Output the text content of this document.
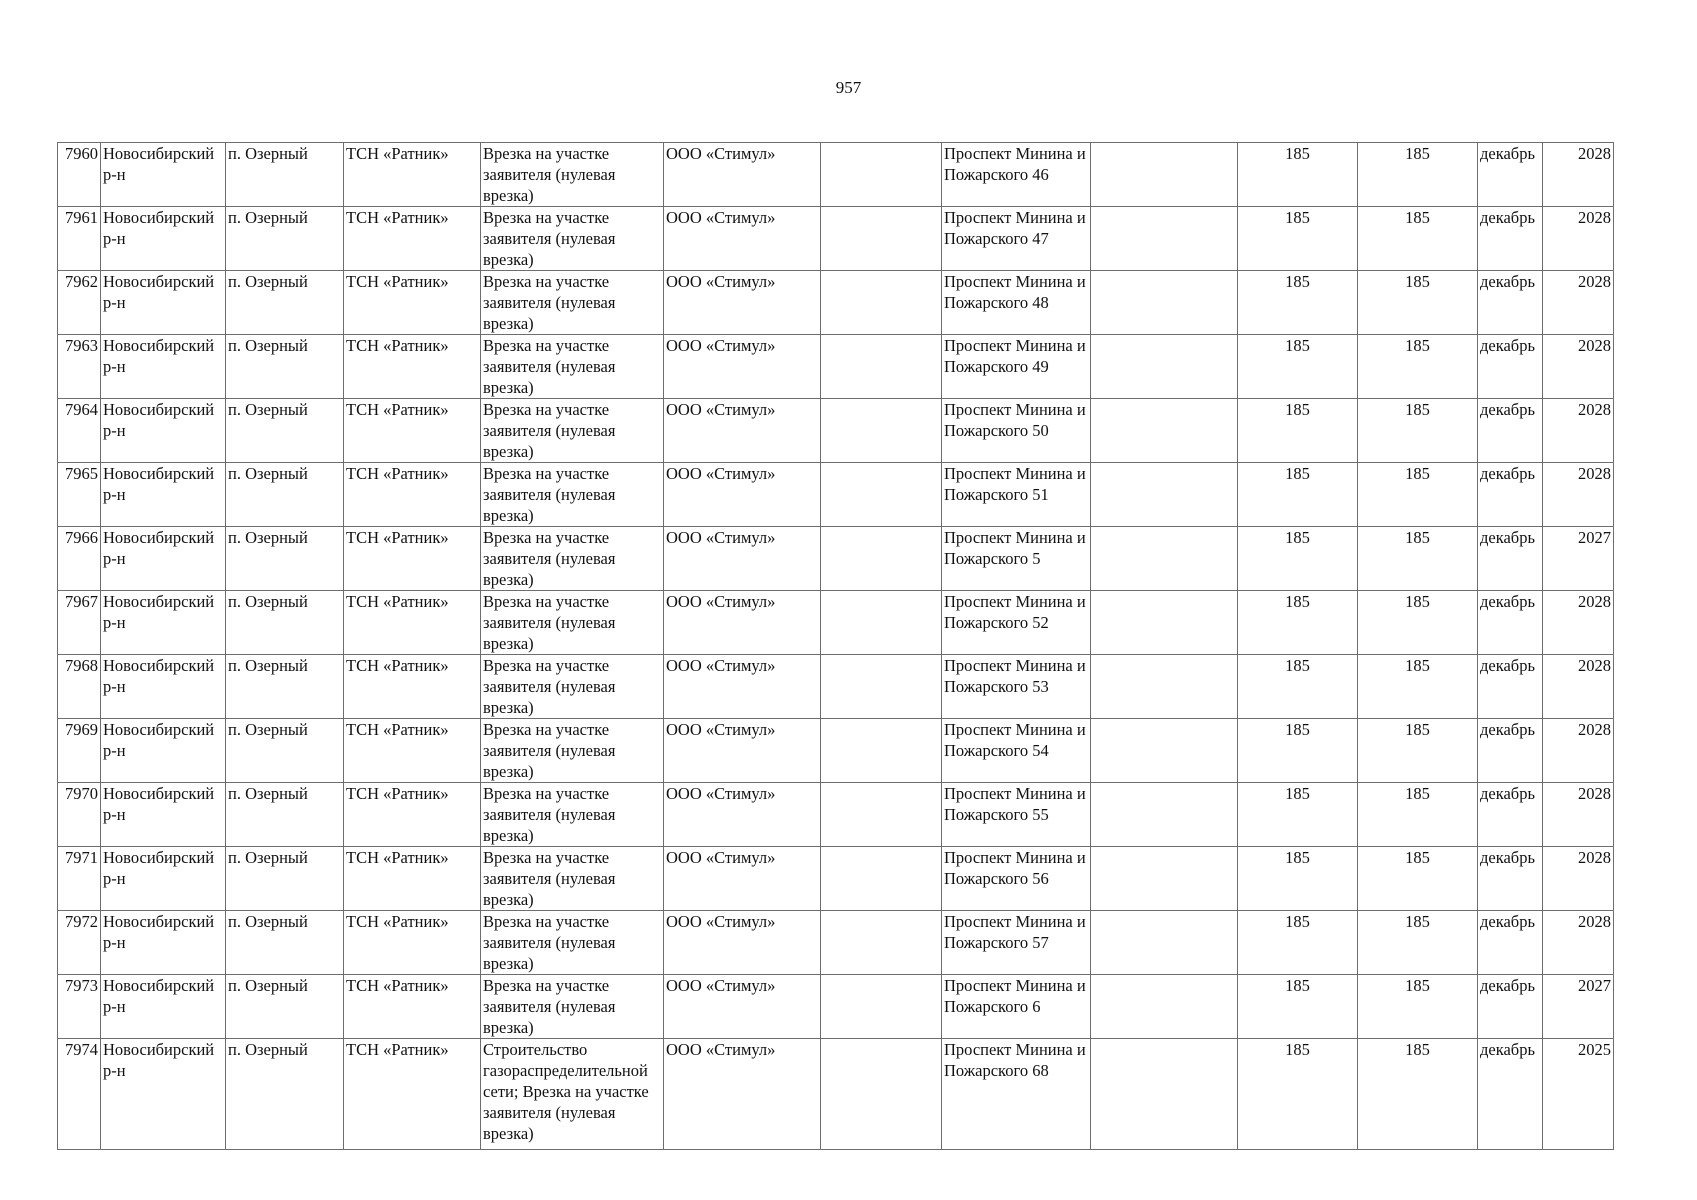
957
7960	Новосибирский р-н	п. Озерный	ТСН «Ратник»	Врезка на участке заявителя (нулевая врезка)	ООО «Стимул»		Проспект Минина и Пожарского 46		185	185	декабрь	2028
7961	Новосибирский р-н	п. Озерный	ТСН «Ратник»	Врезка на участке заявителя (нулевая врезка)	ООО «Стимул»		Проспект Минина и Пожарского 47		185	185	декабрь	2028
7962	Новосибирский р-н	п. Озерный	ТСН «Ратник»	Врезка на участке заявителя (нулевая врезка)	ООО «Стимул»		Проспект Минина и Пожарского 48		185	185	декабрь	2028
7963	Новосибирский р-н	п. Озерный	ТСН «Ратник»	Врезка на участке заявителя (нулевая врезка)	ООО «Стимул»		Проспект Минина и Пожарского 49		185	185	декабрь	2028
7964	Новосибирский р-н	п. Озерный	ТСН «Ратник»	Врезка на участке заявителя (нулевая врезка)	ООО «Стимул»		Проспект Минина и Пожарского 50		185	185	декабрь	2028
7965	Новосибирский р-н	п. Озерный	ТСН «Ратник»	Врезка на участке заявителя (нулевая врезка)	ООО «Стимул»		Проспект Минина и Пожарского 51		185	185	декабрь	2028
7966	Новосибирский р-н	п. Озерный	ТСН «Ратник»	Врезка на участке заявителя (нулевая врезка)	ООО «Стимул»		Проспект Минина и Пожарского 5		185	185	декабрь	2027
7967	Новосибирский р-н	п. Озерный	ТСН «Ратник»	Врезка на участке заявителя (нулевая врезка)	ООО «Стимул»		Проспект Минина и Пожарского 52		185	185	декабрь	2028
7968	Новосибирский р-н	п. Озерный	ТСН «Ратник»	Врезка на участке заявителя (нулевая врезка)	ООО «Стимул»		Проспект Минина и Пожарского 53		185	185	декабрь	2028
7969	Новосибирский р-н	п. Озерный	ТСН «Ратник»	Врезка на участке заявителя (нулевая врезка)	ООО «Стимул»		Проспект Минина и Пожарского 54		185	185	декабрь	2028
7970	Новосибирский р-н	п. Озерный	ТСН «Ратник»	Врезка на участке заявителя (нулевая врезка)	ООО «Стимул»		Проспект Минина и Пожарского 55		185	185	декабрь	2028
7971	Новосибирский р-н	п. Озерный	ТСН «Ратник»	Врезка на участке заявителя (нулевая врезка)	ООО «Стимул»		Проспект Минина и Пожарского 56		185	185	декабрь	2028
7972	Новосибирский р-н	п. Озерный	ТСН «Ратник»	Врезка на участке заявителя (нулевая врезка)	ООО «Стимул»		Проспект Минина и Пожарского 57		185	185	декабрь	2028
7973	Новосибирский р-н	п. Озерный	ТСН «Ратник»	Врезка на участке заявителя (нулевая врезка)	ООО «Стимул»		Проспект Минина и Пожарского 6		185	185	декабрь	2027
7974	Новосибирский р-н	п. Озерный	ТСН «Ратник»	Строительство газораспределительной сети; Врезка на участке заявителя (нулевая врезка)	ООО «Стимул»		Проспект Минина и Пожарского 68		185	185	декабрь	2025
